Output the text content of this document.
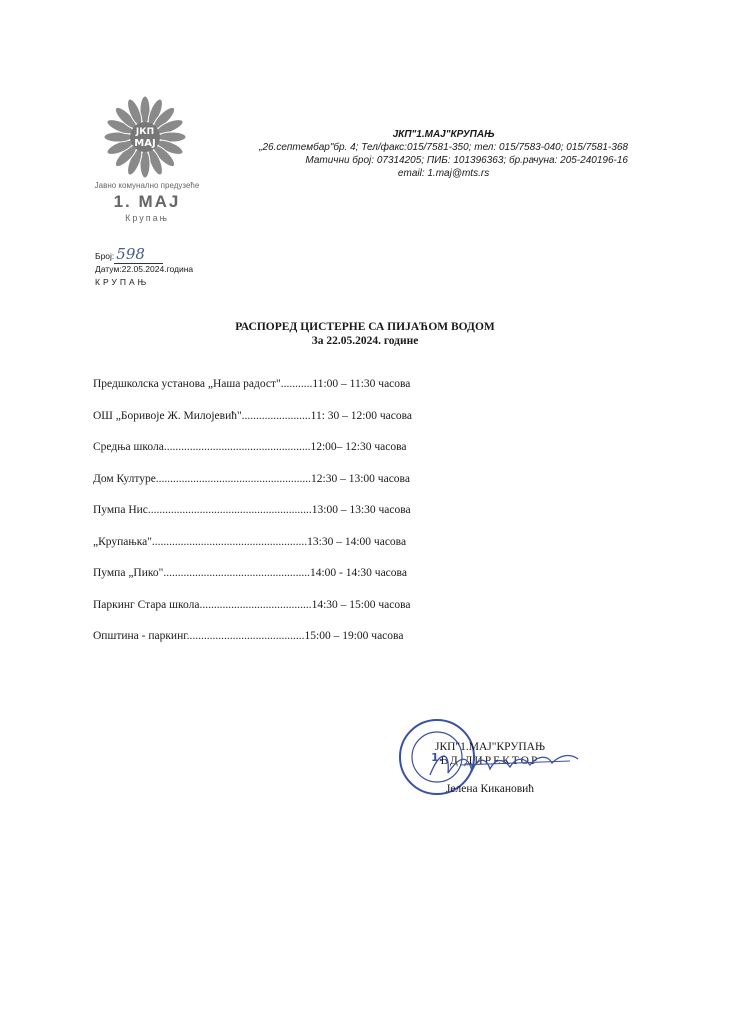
ЈКП
МАЈ
Јавно комунално предузеће
1. МАЈ
Крупањ
ЈКП"1.МАЈ"КРУПАЊ
„26.септембар"бр. 4; Тел/факс:015/7581-350; тел: 015/7583-040; 015/7581-368
Матични број: 07314205; ПИБ: 101396363; бр.рачуна: 205-240196-16
email: 1.maj@mts.rs
Број: 598
Датум:22.05.2024.година
КРУПАЊ
РАСПОРЕД ЦИСТЕРНЕ СА ПИЈАЋОМ ВОДОМ
За 22.05.2024. године
Предшколска установа „Наша радост"...........11:00 – 11:30 часова
ОШ „Боривоје Ж. Милојевић"........................11: 30 – 12:00 часова
Средња школа...................................................12:00– 12:30 часова
Дом Културе......................................................12:30 – 13:00 часова
Пумпа Нис.........................................................13:00 – 13:30 часова
„Крупањка"......................................................13:30 – 14:00 часова
Пумпа „Пико"...................................................14:00 - 14:30 часова
Паркинг Стара школа.......................................14:30 – 15:00 часова
Општина - паркинг.........................................15:00 – 19:00 часова
1.
ЈКП"1.МАЈ"КРУПАЊ
ВД ДИРЕКТОР
Јелена Кикановић
